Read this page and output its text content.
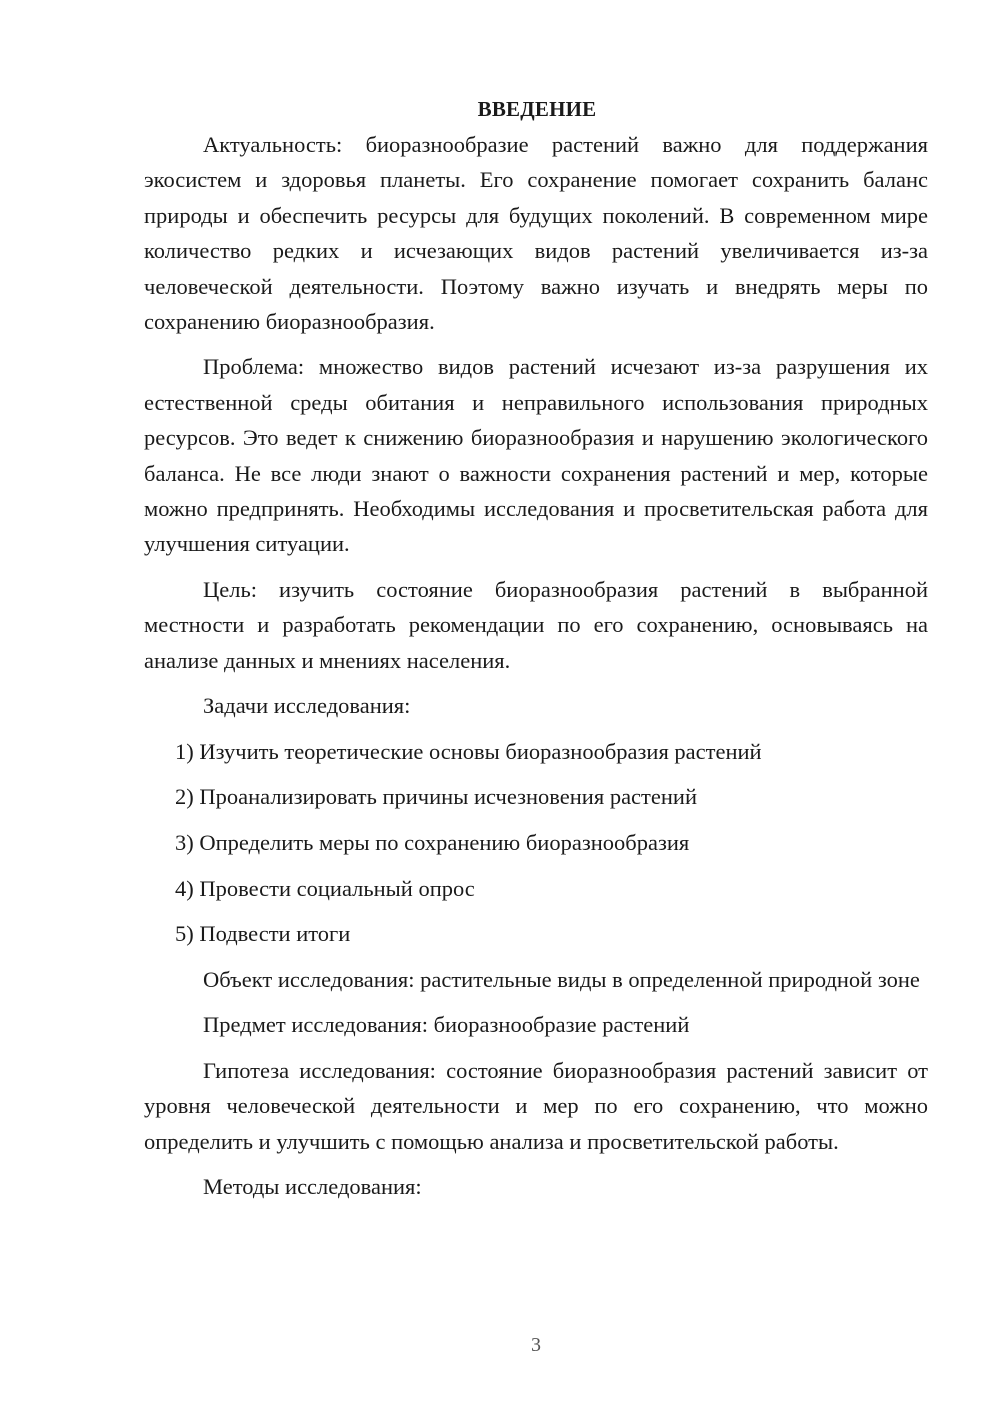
ВВЕДЕНИЕ

Актуальность: биоразнообразие растений важно для поддержания экосистем и здоровья планеты. Его сохранение помогает сохранить баланс природы и обеспечить ресурсы для будущих поколений. В современном мире количество редких и исчезающих видов растений увеличивается из-за человеческой деятельности. Поэтому важно изучать и внедрять меры по сохранению биоразнообразия.

Проблема: множество видов растений исчезают из-за разрушения их естественной среды обитания и неправильного использования природных ресурсов. Это ведет к снижению биоразнообразия и нарушению экологического баланса. Не все люди знают о важности сохранения растений и мер, которые можно предпринять. Необходимы исследования и просветительская работа для улучшения ситуации.

Цель: изучить состояние биоразнообразия растений в выбранной местности и разработать рекомендации по его сохранению, основываясь на анализе данных и мнениях населения.

Задачи исследования:

1) Изучить теоретические основы биоразнообразия растений
2) Проанализировать причины исчезновения растений
3) Определить меры по сохранению биоразнообразия
4) Провести социальный опрос
5) Подвести итоги

Объект исследования: растительные виды в определенной природной зоне

Предмет исследования: биоразнообразие растений

Гипотеза исследования: состояние биоразнообразия растений зависит от уровня человеческой деятельности и мер по его сохранению, что можно определить и улучшить с помощью анализа и просветительской работы.

Методы исследования:

3
